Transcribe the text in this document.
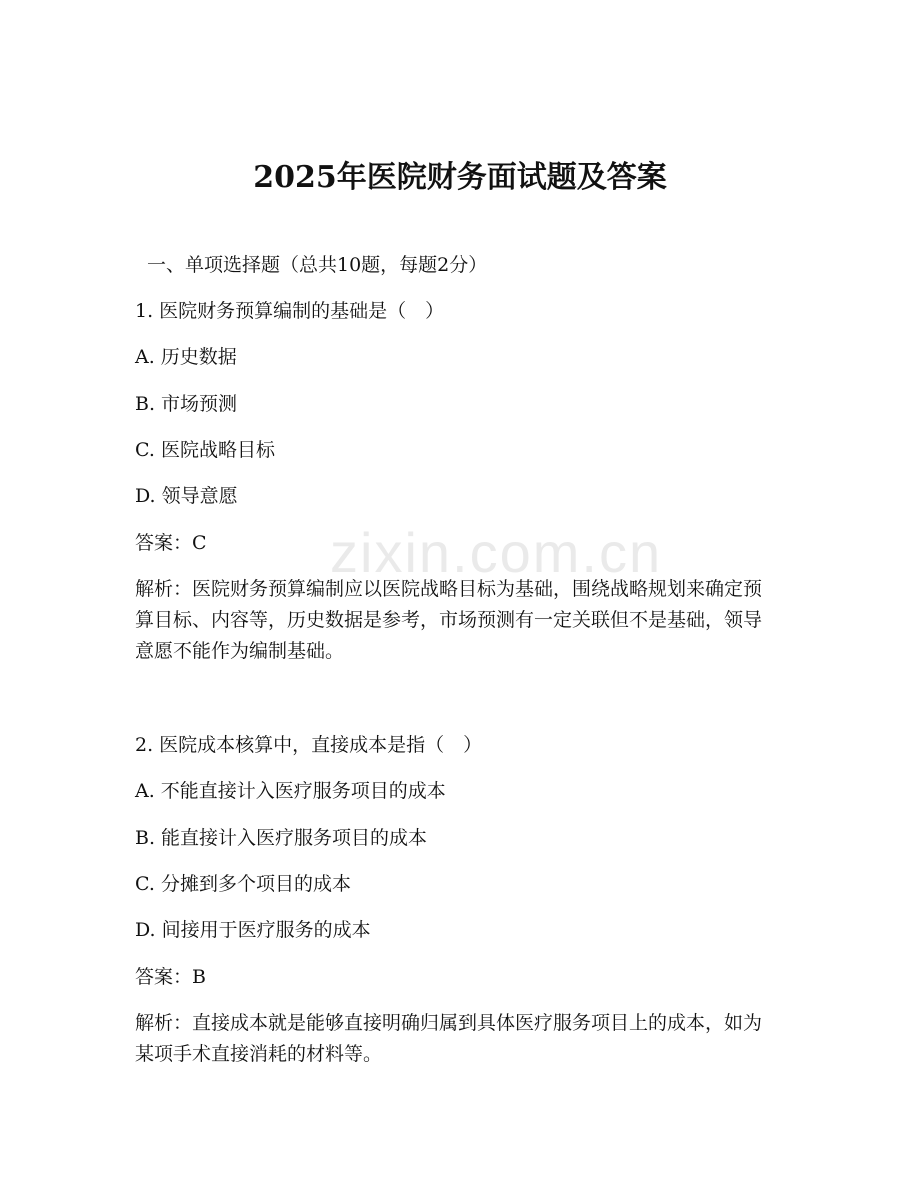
zixin.com.cn
2025年医院财务面试题及答案
一、单项选择题（总共10题，每题2分）
1. 医院财务预算编制的基础是（　）
A. 历史数据
B. 市场预测
C. 医院战略目标
D. 领导意愿
答案：C
解析：医院财务预算编制应以医院战略目标为基础，围绕战略规划来确定预算目标、内容等，历史数据是参考，市场预测有一定关联但不是基础，领导意愿不能作为编制基础。
2. 医院成本核算中，直接成本是指（　）
A. 不能直接计入医疗服务项目的成本
B. 能直接计入医疗服务项目的成本
C. 分摊到多个项目的成本
D. 间接用于医疗服务的成本
答案：B
解析：直接成本就是能够直接明确归属到具体医疗服务项目上的成本，如为某项手术直接消耗的材料等。
